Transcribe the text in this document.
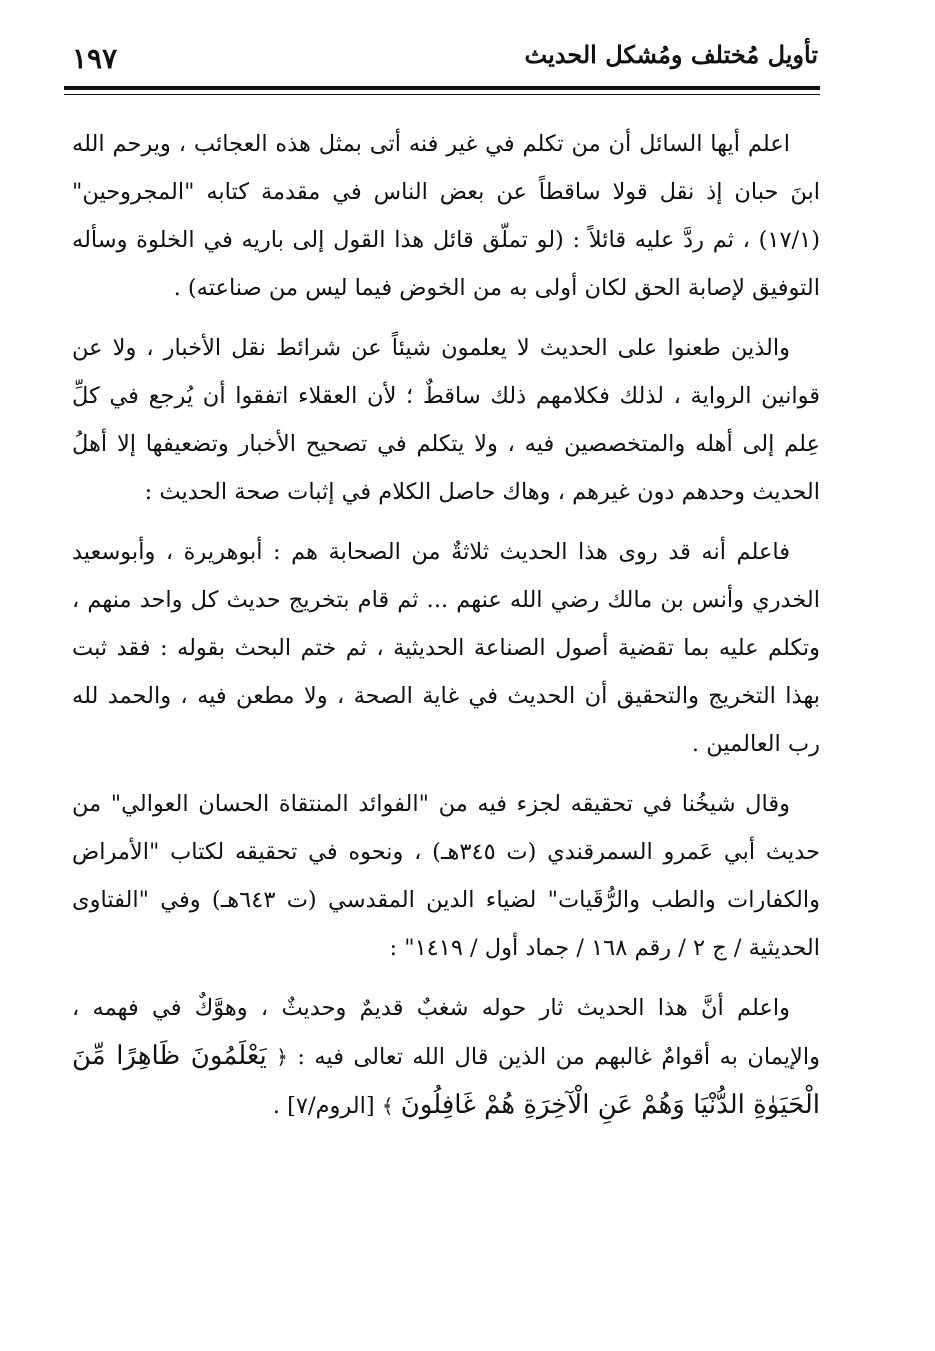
١٩٧	تأويل مُختلف ومُشكل الحديث

اعلم أيها السائل أن من تكلم في غير فنه أتى بمثل هذه العجائب ، ويرحم الله ابنَ حبان إذ نقل قولا ساقطاً عن بعض الناس في مقدمة كتابه "المجروحين" (١٧/١) ، ثم ردَّ عليه قائلاً : (لو تملّق قائل هذا القول إلى باريه في الخلوة وسأله التوفيق لإصابة الحق لكان أولى به من الخوض فيما ليس من صناعته) .

والذين طعنوا على الحديث لا يعلمون شيئاً عن شرائط نقل الأخبار ، ولا عن قوانين الرواية ، لذلك فكلامهم ذلك ساقطٌ ؛ لأن العقلاء اتفقوا أن يُرجع في كلِّ عِلم إلى أهله والمتخصصين فيه ، ولا يتكلم في تصحيح الأخبار وتضعيفها إلا أهلُ الحديث وحدهم دون غيرهم ، وهاك حاصل الكلام في إثبات صحة الحديث :

فاعلم أنه قد روى هذا الحديث ثلاثةٌ من الصحابة هم : أبوهريرة ، وأبوسعيد الخدري وأنس بن مالك رضي الله عنهم ... ثم قام بتخريج حديث كل واحد منهم ، وتكلم عليه بما تقضية أصول الصناعة الحديثية ، ثم ختم البحث بقوله : فقد ثبت بهذا التخريج والتحقيق أن الحديث في غاية الصحة ، ولا مطعن فيه ، والحمد لله رب العالمين .

وقال شيخُنا في تحقيقه لجزء فيه من "الفوائد المنتقاة الحسان العوالي" من حديث أبي عَمرو السمرقندي (ت ٣٤٥هـ) ، ونحوه في تحقيقه لكتاب "الأمراض والكفارات والطب والرُّقَيات" لضياء الدين المقدسي (ت ٦٤٣هـ) وفي "الفتاوى الحديثية / ج ٢ / رقم ١٦٨ / جماد أول / ١٤١٩" :

واعلم أنَّ هذا الحديث ثار حوله شغبٌ قديمٌ وحديثٌ ، وهوَّكٌ في فهمه ، والإيمان به أقوامٌ غالبهم من الذين قال الله تعالى فيه : ﴿ يَعْلَمُونَ ظَاهِرًا مِّنَ الْحَيَوٰةِ الدُّنْيَا وَهُمْ عَنِ الْآخِرَةِ هُمْ غَافِلُونَ ﴾ [الروم/٧] .
